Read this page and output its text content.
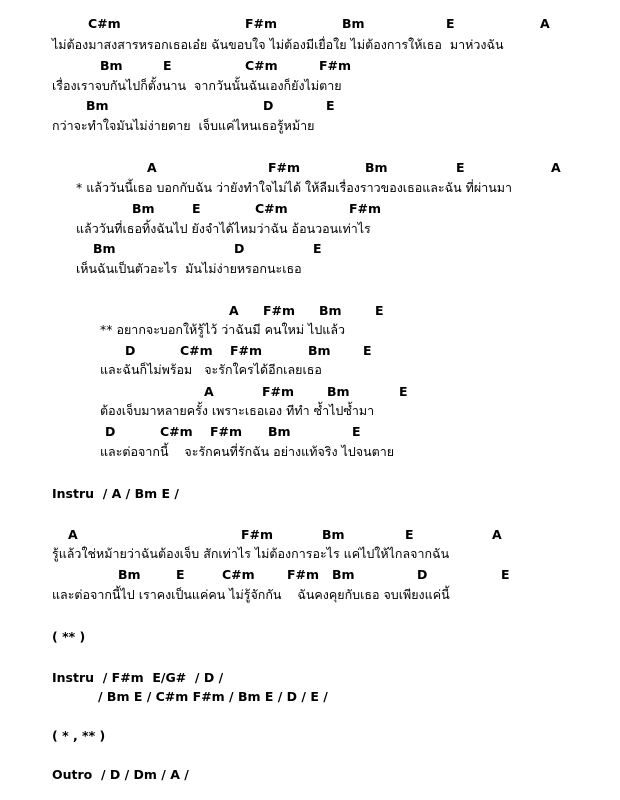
C#m

	F#m

	Bm

	E

	A

ไม่ต้องมาสงสารหรอกเธอเอ๋ย ฉันขอบใจ ไม่ต้องมีเยื่อใย ไม่ต้องการให้เธอ  มาห่วงฉัน

Bm

	E

	C#m

	F#m

เรื่องเราจบกันไปก็ตั้งนาน  จากวันนั้นฉันเองก็ยังไม่ตาย

Bm

	D

	E

กว่าจะทำใจมันไม่ง่ายดาย  เจ็บแค่ไหนเธอรู้หม้าย

A

	F#m

	Bm

	E

	A

* แล้ววันนี้เธอ บอกกับฉัน ว่ายังทำใจไม่ได้ ให้ลืมเรื่องราวของเธอและฉัน ที่ผ่านมา

Bm

	E

	C#m

	F#m

แล้ววันที่เธอทิ้งฉันไป ยังจำได้ไหมว่าฉัน อ้อนวอนเท่าไร

Bm

	D

	E

เห็นฉันเป็นตัวอะไร  มันไม่ง่ายหรอกนะเธอ

A

F#m

Bm

	E

** อยากจะบอกให้รู้ไว้ ว่าฉันมี คนใหม่ ไปแล้ว

D

	C#m

F#m

	Bm

	E

และฉันก็ไม่พร้อม   จะรักใครได้อีกเลยเธอ

A

	F#m

	Bm

	E

ต้องเจ็บมาหลายครั้ง เพราะเธอเอง ทีทำ ซ้ำไปซ้ำมา

D

	C#m

F#m

Bm

	E

และต่อจากนี้    จะรักคนที่รักฉัน อย่างแท้จริง ไปจนตาย
Instru  / A / Bm E /

A

	F#m

	Bm

	E

	A

รู้แล้วใช่หม้ายว่าฉันต้องเจ็บ สักเท่าไร ไม่ต้องการอะไร แค่ไปให้ไกลจากฉัน

Bm

	E

	C#m

	F#m

Bm

	D

	E

และต่อจากนี้ไป เราคงเป็นแค่คน ไม่รู้จักกัน    ฉันคงคุยกับเธอ จบเพียงแค่นี้
( ** )
Instru  / F#m  E/G#  / D /
/ Bm E / C#m F#m / Bm E / D / E /
( * , ** )
Outro  / D / Dm / A /
